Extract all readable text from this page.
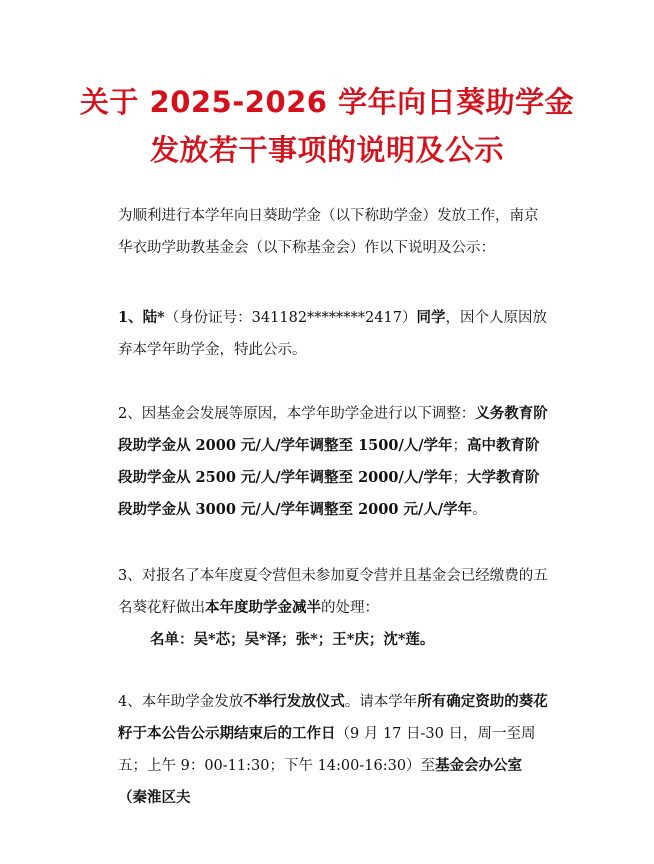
关于 2025-2026 学年向日葵助学金
发放若干事项的说明及公示

为顺利进行本学年向日葵助学金（以下称助学金）发放工作，南京华衣助学助教基金会（以下称基金会）作以下说明及公示：

1、陆*（身份证号：341182********2417）同学，因个人原因放弃本学年助学金，特此公示。

2、因基金会发展等原因，本学年助学金进行以下调整：义务教育阶段助学金从 2000 元/人/学年调整至 1500/人/学年；高中教育阶段助学金从 2500 元/人/学年调整至 2000/人/学年；大学教育阶段助学金从 3000 元/人/学年调整至 2000 元/人/学年。

3、对报名了本年度夏令营但未参加夏令营并且基金会已经缴费的五名葵花籽做出本年度助学金减半的处理：

名单：吴*芯；吴*泽；张*；王*庆；沈*莲。

4、本年助学金发放不举行发放仪式。请本学年所有确定资助的葵花籽于本公告公示期结束后的工作日（9 月 17 日-30 日，周一至周五；上午 9：00-11:30；下午 14:00-16:30）至基金会办公室（秦淮区夫
